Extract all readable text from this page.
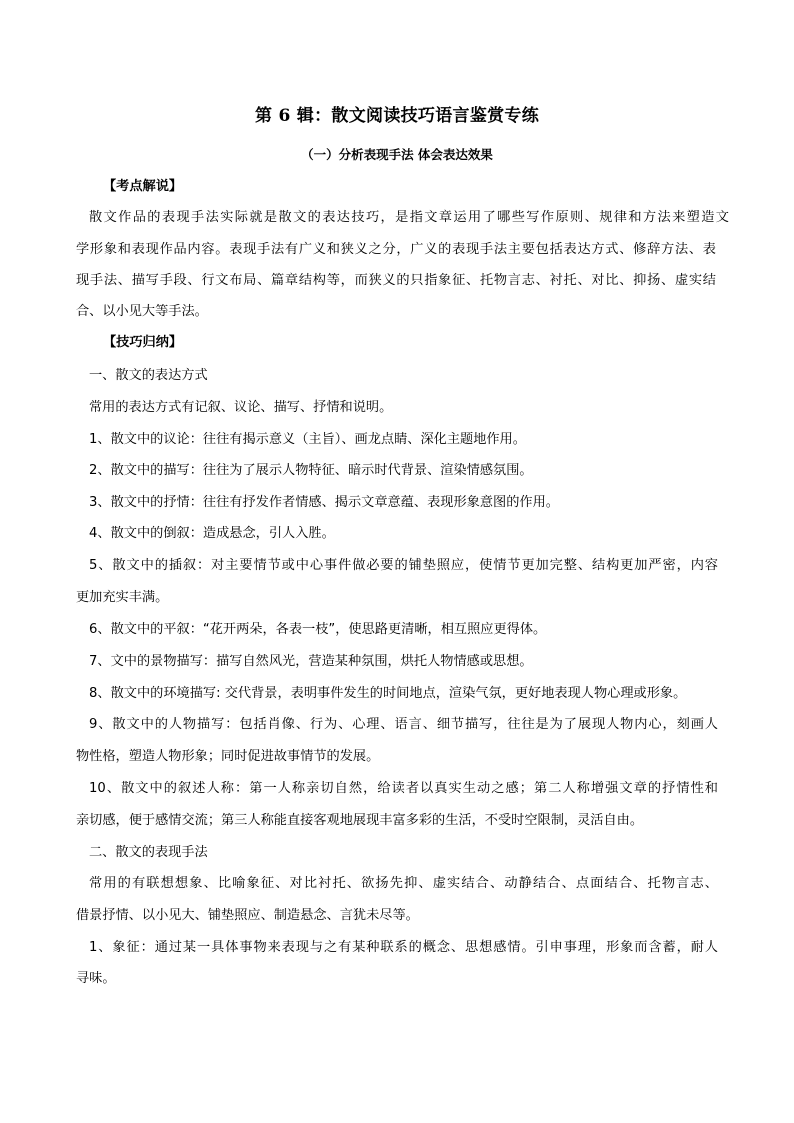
第 6 辑：散文阅读技巧语言鉴赏专练
（一）分析表现手法 体会表达效果
【考点解说】
散文作品的表现手法实际就是散文的表达技巧，是指文章运用了哪些写作原则、规律和方法来塑造文
学形象和表现作品内容。表现手法有广义和狭义之分，广义的表现手法主要包括表达方式、修辞方法、表
现手法、描写手段、行文布局、篇章结构等，而狭义的只指象征、托物言志、衬托、对比、抑扬、虚实结
合、以小见大等手法。
【技巧归纳】
一、散文的表达方式
常用的表达方式有记叙、议论、描写、抒情和说明。
1、散文中的议论：往往有揭示意义（主旨）、画龙点睛、深化主题地作用。
2、散文中的描写：往往为了展示人物特征、暗示时代背景、渲染情感氛围。
3、散文中的抒情：往往有抒发作者情感、揭示文章意蕴、表现形象意图的作用。
4、散文中的倒叙：造成悬念，引人入胜。
5、散文中的插叙：对主要情节或中心事件做必要的铺垫照应，使情节更加完整、结构更加严密，内容
更加充实丰满。
6、散文中的平叙：“花开两朵，各表一枝”，使思路更清晰，相互照应更得体。
7、文中的景物描写：描写自然风光，营造某种氛围，烘托人物情感或思想。
8、散文中的环境描写: 交代背景，表明事件发生的时间地点，渲染气氛，更好地表现人物心理或形象。
9、散文中的人物描写：包括肖像、行为、心理、语言、细节描写，往往是为了展现人物内心，刻画人
物性格，塑造人物形象；同时促进故事情节的发展。
10、散文中的叙述人称：第一人称亲切自然，给读者以真实生动之感；第二人称增强文章的抒情性和
亲切感，便于感情交流；第三人称能直接客观地展现丰富多彩的生活，不受时空限制，灵活自由。
二、散文的表现手法
常用的有联想想象、比喻象征、对比衬托、欲扬先抑、虚实结合、动静结合、点面结合、托物言志、
借景抒情、以小见大、铺垫照应、制造悬念、言犹未尽等。
1、象征：通过某一具体事物来表现与之有某种联系的概念、思想感情。引申事理，形象而含蓄，耐人
寻味。
